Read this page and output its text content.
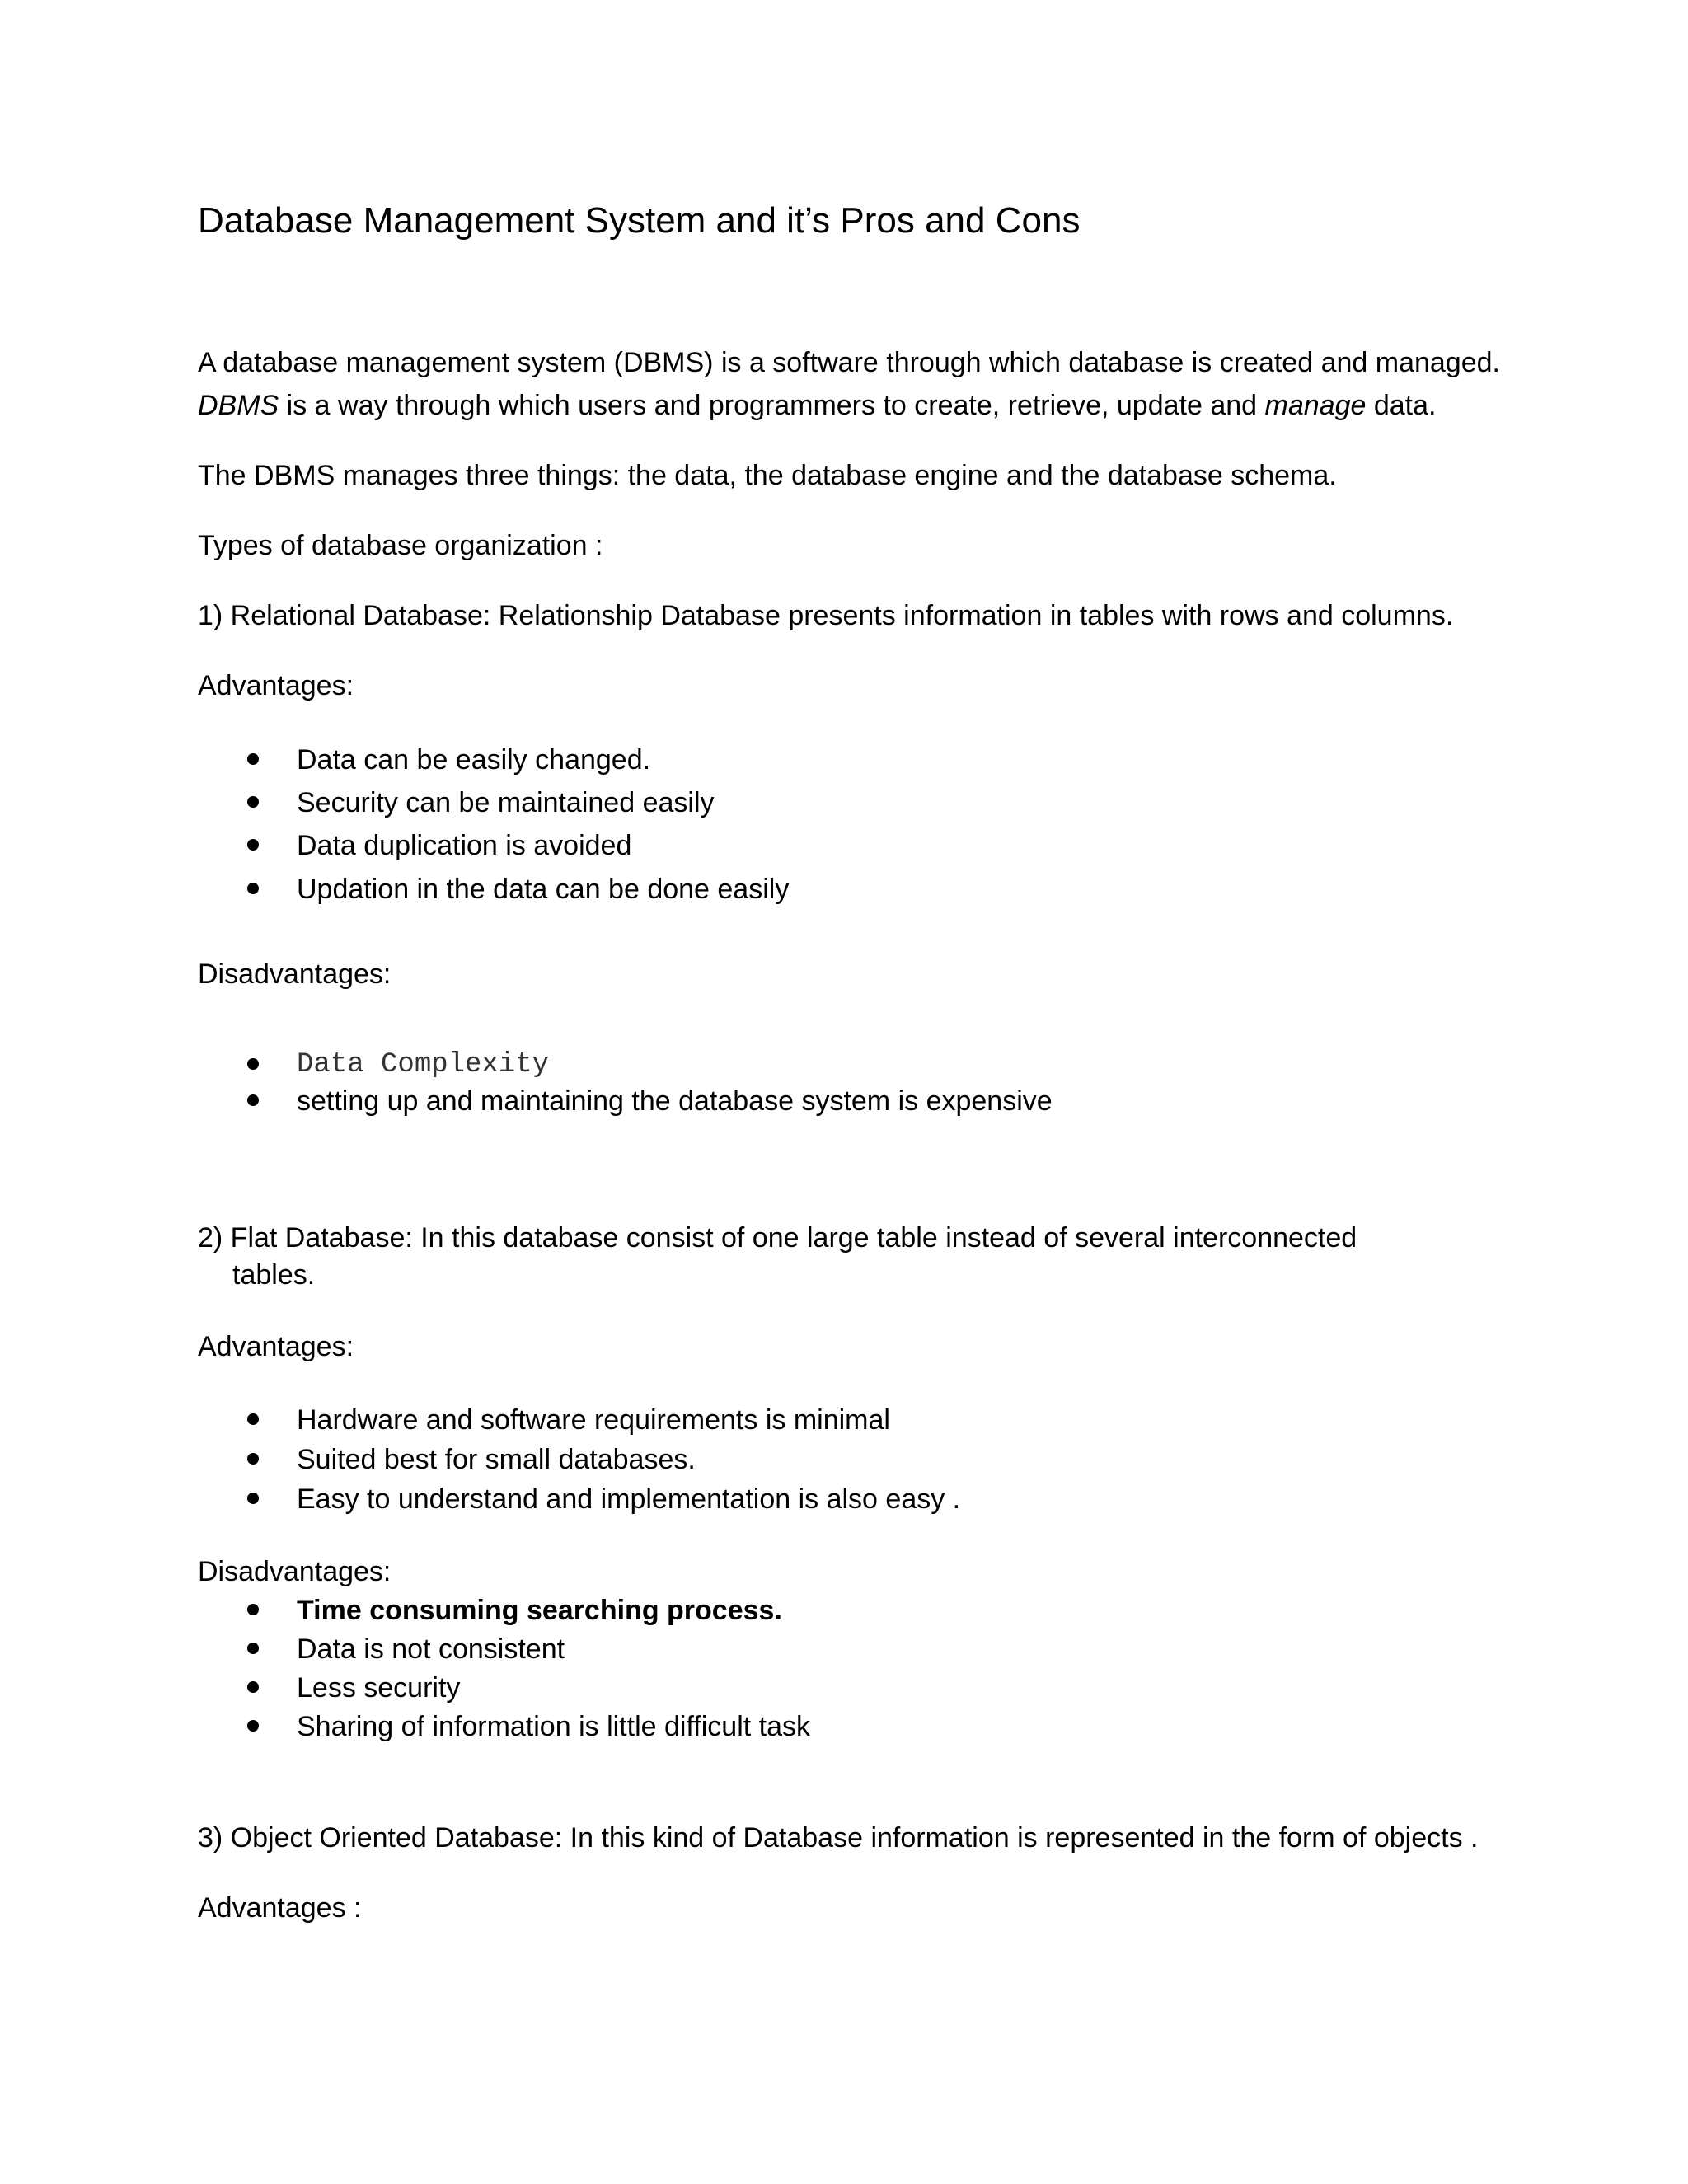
Database Management System and it’s Pros and Cons

A database management system (DBMS) is a software through which database is created and managed.

DBMS is a way through which users and programmers to create, retrieve, update and manage data.

The DBMS manages three things: the data, the database engine and the database schema.

Types of database organization :

1) Relational Database: Relationship Database presents information in tables with rows and columns.

Advantages:

Data can be easily changed.
Security can be maintained easily
Data duplication is avoided
Updation in the data can be done easily

Disadvantages:

Data Complexity
setting up and maintaining the database system is expensive

2) Flat Database: In this database consist of one large table instead of several interconnected

tables.

Advantages:

Hardware and software requirements is minimal
Suited best for small databases.
Easy to understand and implementation is also easy .

Disadvantages:

Time consuming searching process.
Data is not consistent
Less security
Sharing of information is little difficult task

3) Object Oriented Database: In this kind of Database information is represented in the form of objects .

Advantages :
